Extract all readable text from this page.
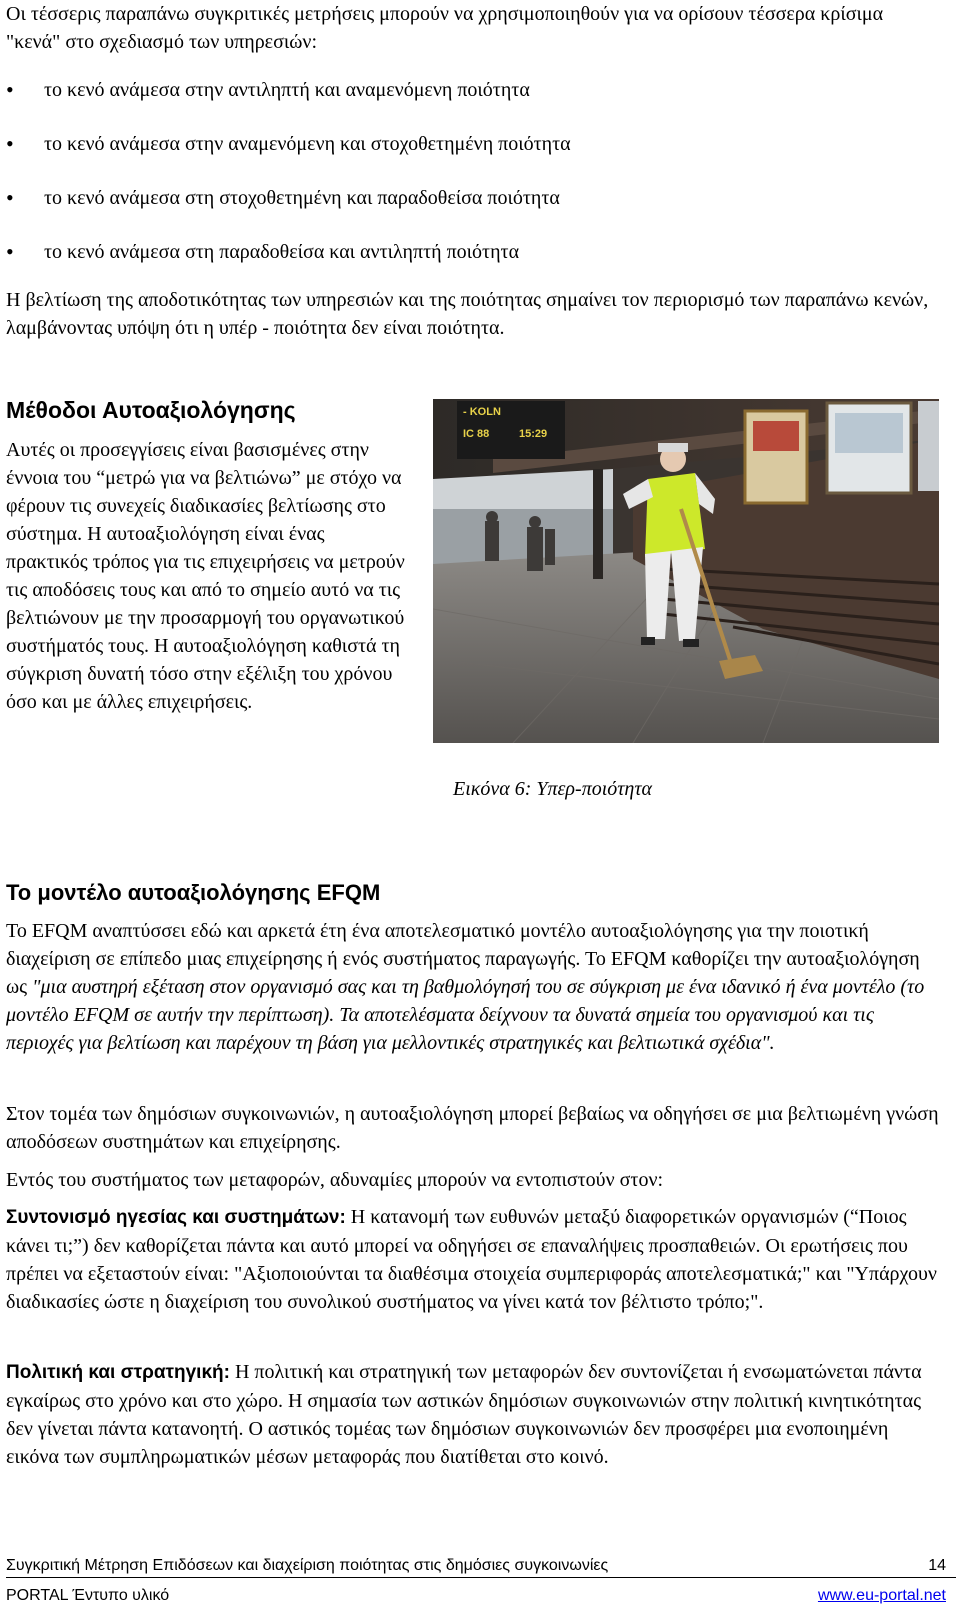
Οι τέσσερις παραπάνω συγκριτικές μετρήσεις μπορούν να χρησιμοποιηθούν για να ορίσουν τέσσερα κρίσιμα "κενά" στο σχεδιασμό των υπηρεσιών:

• το κενό ανάμεσα στην αντιληπτή και αναμενόμενη ποιότητα
• το κενό ανάμεσα στην αναμενόμενη και στοχοθετημένη ποιότητα
• το κενό ανάμεσα στη στοχοθετημένη και παραδοθείσα ποιότητα
• το κενό ανάμεσα στη παραδοθείσα και αντιληπτή ποιότητα

Η βελτίωση της αποδοτικότητας των υπηρεσιών και της ποιότητας σημαίνει τον περιορισμό των παραπάνω κενών, λαμβάνοντας υπόψη ότι η υπέρ - ποιότητα δεν είναι ποιότητα.

Μέθοδοι Αυτοαξιολόγησης

Αυτές οι προσεγγίσεις είναι βασισμένες στην έννοια του “μετρώ για να βελτιώνω” με στόχο να φέρουν τις συνεχείς διαδικασίες βελτίωσης στο σύστημα. Η αυτοαξιολόγηση είναι ένας πρακτικός τρόπος για τις επιχειρήσεις να μετρούν τις αποδόσεις τους και από το σημείο αυτό να τις βελτιώνουν με την προσαρμογή του οργανωτικού συστήματός τους. Η αυτοαξιολόγηση καθιστά τη σύγκριση δυνατή τόσο στην εξέλιξη του χρόνου όσο και με άλλες επιχειρήσεις.

- KOLN
IC 88	15:29

Εικόνα 6: Υπερ-ποιότητα

Το μοντέλο αυτοαξιολόγησης EFQM

Το EFQM αναπτύσσει εδώ και αρκετά έτη ένα αποτελεσματικό μοντέλο αυτοαξιολόγησης για την ποιοτική διαχείριση σε επίπεδο μιας επιχείρησης ή ενός συστήματος παραγωγής. Το EFQM καθορίζει την αυτοαξιολόγηση ως "μια αυστηρή εξέταση στον οργανισμό σας και τη βαθμολόγησή του σε σύγκριση με ένα ιδανικό ή ένα μοντέλο (το μοντέλο EFQM σε αυτήν την περίπτωση). Τα αποτελέσματα δείχνουν τα δυνατά σημεία του οργανισμού και τις περιοχές για βελτίωση και παρέχουν τη βάση για μελλοντικές στρατηγικές και βελτιωτικά σχέδια".

Στον τομέα των δημόσιων συγκοινωνιών, η αυτοαξιολόγηση μπορεί βεβαίως να οδηγήσει σε μια βελτιωμένη γνώση αποδόσεων συστημάτων και επιχείρησης.

Εντός του συστήματος των μεταφορών, αδυναμίες μπορούν να εντοπιστούν στον:

Συντονισμό ηγεσίας και συστημάτων: Η κατανομή των ευθυνών μεταξύ διαφορετικών οργανισμών (“Ποιος κάνει τι;”) δεν καθορίζεται πάντα και αυτό μπορεί να οδηγήσει σε επαναλήψεις προσπαθειών. Οι ερωτήσεις που πρέπει να εξεταστούν είναι: "Αξιοποιούνται τα διαθέσιμα στοιχεία συμπεριφοράς αποτελεσματικά;" και "Υπάρχουν διαδικασίες ώστε η διαχείριση του συνολικού συστήματος να γίνει κατά τον βέλτιστο τρόπο;".

Πολιτική και στρατηγική: Η πολιτική και στρατηγική των μεταφορών δεν συντονίζεται ή ενσωματώνεται πάντα εγκαίρως στο χρόνο και στο χώρο. Η σημασία των αστικών δημόσιων συγκοινωνιών στην πολιτική κινητικότητας δεν γίνεται πάντα κατανοητή. Ο αστικός τομέας των δημόσιων συγκοινωνιών δεν προσφέρει μια ενοποιημένη εικόνα των συμπληρωματικών μέσων μεταφοράς που διατίθεται στο κοινό.

Συγκριτική Μέτρηση Επιδόσεων και διαχείριση ποιότητας στις δημόσιες συγκοινωνίες	14
PORTAL Έντυπο υλικό	www.eu-portal.net
